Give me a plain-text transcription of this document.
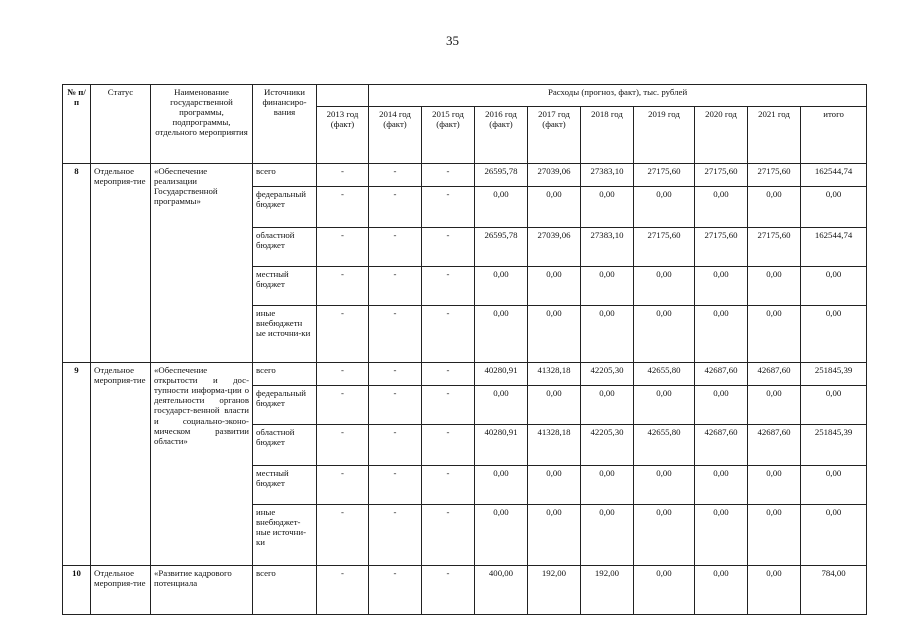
35
№ п/п	Статус	Наименование государственной программы, подпрограммы, отдельного мероприятия	Источники финансиро-вания		Расходы (прогноз, факт), тыс. рублей								
				2013 год (факт)	2014 год (факт)	2015 год (факт)	2016 год (факт)	2017 год (факт)	2018 год	2019 год	2020 год	2021 год	итого
8	Отдельное мероприя-тие	«Обеспечение реализации Государственной программы»	всего	-	-	-	26595,78	27039,06	27383,10	27175,60	27175,60	27175,60	162544,74
			федеральный бюджет	-	-	-	0,00	0,00	0,00	0,00	0,00	0,00	0,00
			областной бюджет	-	-	-	26595,78	27039,06	27383,10	27175,60	27175,60	27175,60	162544,74
			местный бюджет	-	-	-	0,00	0,00	0,00	0,00	0,00	0,00	0,00
			иные внебюджетн ые источни-ки	-	-	-	0,00	0,00	0,00	0,00	0,00	0,00	0,00
9	Отдельное мероприя-тие	«Обеспечение открытости и дос-тупности информа-ции о деятельности органов государст-венной власти и социально-эконо-мическом развитии области»	всего	-	-	-	40280,91	41328,18	42205,30	42655,80	42687,60	42687,60	251845,39
			федеральный бюджет	-	-	-	0,00	0,00	0,00	0,00	0,00	0,00	0,00
			областной бюджет	-	-	-	40280,91	41328,18	42205,30	42655,80	42687,60	42687,60	251845,39
			местный бюджет	-	-	-	0,00	0,00	0,00	0,00	0,00	0,00	0,00
			иные внебюджет-ные источни-ки	-	-	-	0,00	0,00	0,00	0,00	0,00	0,00	0,00
10	Отдельное мероприя-тие	«Развитие кадрового потенциала	всего	-	-	-	400,00	192,00	192,00	0,00	0,00	0,00	784,00
